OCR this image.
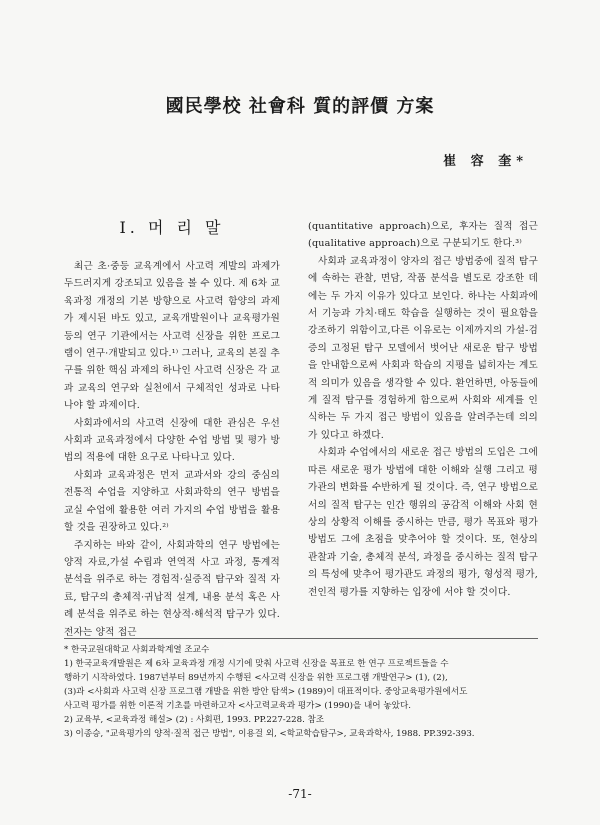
國民學校 社會科 質的評價 方案
崔 容 奎*
I. 머 리 말

최근 초·중등 교육계에서 사고력 계발의 과제가 두드러지게 강조되고 있음을 볼 수 있다. 제 6차 교육과정 개정의 기본 방향으로 사고력 함양의 과제가 제시된 바도 있고, 교육개발원이나 교육평가원 등의 연구 기관에서는 사고력 신장을 위한 프로그램이 연구·개발되고 있다.¹⁾ 그러나, 교육의 본질 추구를 위한 핵심 과제의 하나인 사고력 신장은 각 교과 교육의 연구와 실천에서 구체적인 성과로 나타나야 할 과제이다.

사회과에서의 사고력 신장에 대한 관심은 우선 사회과 교육과정에서 다양한 수업 방법 및 평가 방법의 적용에 대한 요구로 나타나고 있다.

사회과 교육과정은 먼저 교과서와 강의 중심의 전통적 수업을 지양하고 사회과학의 연구 방법을 교실 수업에 활용한 여러 가지의 수업 방법을 활용할 것을 권장하고 있다.²⁾

주지하는 바와 같이, 사회과학의 연구 방법에는 양적 자료,가설 수립과 연역적 사고 과정, 통계적 분석을 위주로 하는 경험적·실증적 탐구와 질적 자료, 탐구의 총체적·귀납적 설계, 내용 분석 혹은 사례 분석을 위주로 하는 현상적·해석적 탐구가 있다. 전자는 양적 접근

(quantitative approach)으로, 후자는 질적 접근(qualitative approach)으로 구분되기도 한다.³⁾

사회과 교육과정이 양자의 접근 방법중에 질적 탐구에 속하는 관찰, 면담, 작품 분석을 별도로 강조한 데에는 두 가지 이유가 있다고 보인다. 하나는 사회과에서 기능과 가치·태도 학습을 실행하는 것이 필요함을 강조하기 위함이고,다른 이유로는 이제까지의 가설-검증의 고정된 탐구 모델에서 벗어난 새로운 탐구 방법을 안내함으로써 사회과 학습의 지평을 넓히자는 계도적 의미가 있음을 생각할 수 있다. 환언하면, 아동들에게 질적 탐구를 경험하게 함으로써 사회와 세계를 인식하는 두 가지 접근 방법이 있음을 알려주는데 의의가 있다고 하겠다.

사회과 수업에서의 새로운 접근 방법의 도입은 그에 따른 새로운 평가 방법에 대한 이해와 실행 그리고 평가관의 변화를 수반하게 될 것이다. 즉, 연구 방법으로서의 질적 탐구는 인간 행위의 공감적 이해와 사회 현상의 상황적 이해를 중시하는 만큼, 평가 목표와 평가 방법도 그에 초점을 맞추어야 할 것이다. 또, 현상의 관찰과 기술, 총체적 분석, 과정을 중시하는 질적 탐구의 특성에 맞추어 평가관도 과정의 평가, 형성적 평가, 전인적 평가를 지향하는 입장에 서야 할 것이다.

* 한국교원대학교 사회과학계열 조교수
1) 한국교육개발원은 제 6차 교육과정 개정 시기에 맞춰 사고력 신장을 목표로 한 연구 프로젝트들을 수
행하기 시작하였다. 1987년부터 89년까지 수행된 <사고력 신장을 위한 프로그램 개발연구> (1), (2),
(3)과 <사회과 사고력 신장 프로그램 개발을 위한 방안 탐색> (1989)이 대표적이다. 중앙교육평가원에서도
사고력 평가를 위한 이론적 기초를 마련하고자 <사고력교육과 평가> (1990)을 내어 놓았다.
2) 교육부, <교육과정 해설> (2) : 사회편, 1993. PP.227-228. 참조
3) 이종승, "교육평가의 양적·질적 접근 방법", 이용걸 외, <학교학습탐구>, 교육과학사, 1988. PP.392-393.
-71-
